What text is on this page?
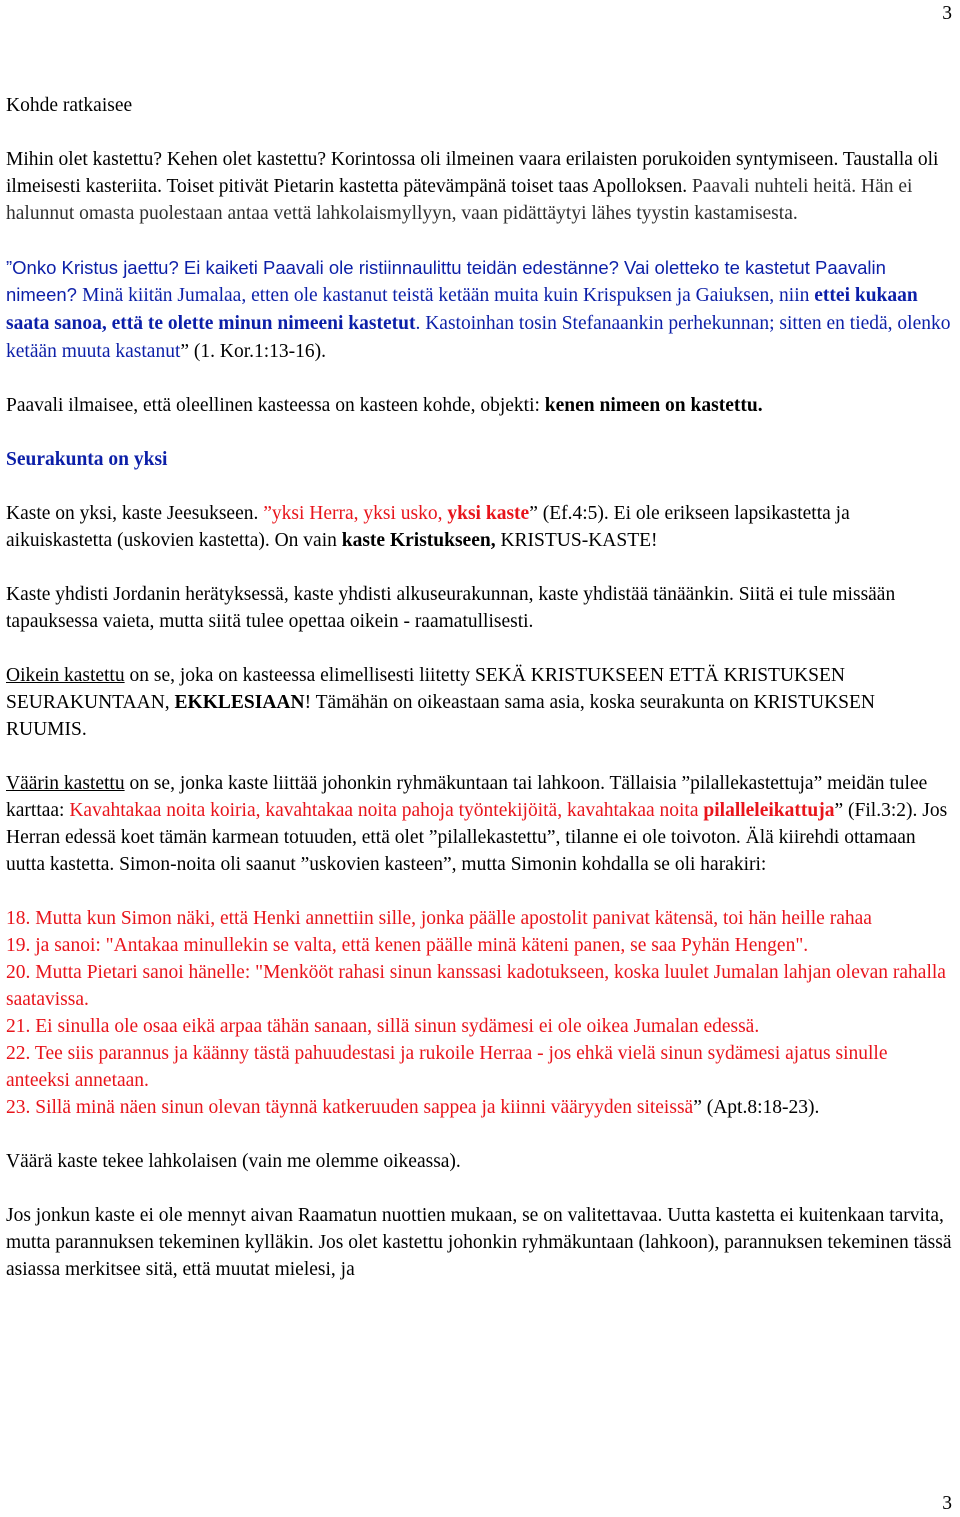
3

Kohde ratkaisee

Mihin olet kastettu? Kehen olet kastettu? Korintossa oli ilmeinen vaara erilaisten porukoiden syntymiseen. Taustalla oli ilmeisesti kasteriita. Toiset pitivät Pietarin kastetta pätevämpänä toiset taas Apolloksen. Paavali nuhteli heitä. Hän ei halunnut omasta puolestaan antaa vettä lahkolaismyllyyn, vaan pidättäytyi lähes tyystin kastamisesta.

”Onko Kristus jaettu? Ei kaiketi Paavali ole ristiinnaulittu teidän edestänne? Vai oletteko te kastetut Paavalin nimeen? Minä kiitän Jumalaa, etten ole kastanut teistä ketään muita kuin Krispuksen ja Gaiuksen, niin ettei kukaan saata sanoa, että te olette minun nimeeni kastetut. Kastoinhan tosin Stefanaankin perhekunnan; sitten en tiedä, olenko ketään muuta kastanut” (1. Kor.1:13-16).

Paavali ilmaisee, että oleellinen kasteessa on kasteen kohde, objekti: kenen nimeen on kastettu.

Seurakunta on yksi

Kaste on yksi, kaste Jeesukseen. ”yksi Herra, yksi usko, yksi kaste” (Ef.4:5). Ei ole erikseen lapsikastetta ja aikuiskastetta (uskovien kastetta). On vain kaste Kristukseen, KRISTUS-KASTE!

Kaste yhdisti Jordanin herätyksessä, kaste yhdisti alkuseurakunnan, kaste yhdistää tänäänkin. Siitä ei tule missään tapauksessa vaieta, mutta siitä tulee opettaa oikein - raamatullisesti.

Oikein kastettu on se, joka on kasteessa elimellisesti liitetty SEKÄ KRISTUKSEEN ETTÄ KRISTUKSEN SEURAKUNTAAN, EKKLESIAAN! Tämähän on oikeastaan sama asia, koska seurakunta on KRISTUKSEN RUUMIS.

Väärin kastettu on se, jonka kaste liittää johonkin ryhmäkuntaan tai lahkoon. Tällaisia ”pilallekastettuja” meidän tulee karttaa: Kavahtakaa noita koiria, kavahtakaa noita pahoja työntekijöitä, kavahtakaa noita pilalleleikattuja” (Fil.3:2). Jos Herran edessä koet tämän karmean totuuden, että olet ”pilallekastettu”, tilanne ei ole toivoton. Älä kiirehdi ottamaan uutta kastetta. Simon-noita oli saanut ”uskovien kasteen”, mutta Simonin kohdalla se oli harakiri:

18. Mutta kun Simon näki, että Henki annettiin sille, jonka päälle apostolit panivat kätensä, toi hän heille rahaa

19. ja sanoi: "Antakaa minullekin se valta, että kenen päälle minä käteni panen, se saa Pyhän Hengen".

20. Mutta Pietari sanoi hänelle: "Menkööt rahasi sinun kanssasi kadotukseen, koska luulet Jumalan lahjan olevan rahalla saatavissa.

21. Ei sinulla ole osaa eikä arpaa tähän sanaan, sillä sinun sydämesi ei ole oikea Jumalan edessä.

22. Tee siis parannus ja käänny tästä pahuudestasi ja rukoile Herraa - jos ehkä vielä sinun sydämesi ajatus sinulle anteeksi annetaan.

23. Sillä minä näen sinun olevan täynnä katkeruuden sappea ja kiinni vääryyden siteissä” (Apt.8:18-23).

Väärä kaste tekee lahkolaisen (vain me olemme oikeassa).

Jos jonkun kaste ei ole mennyt aivan Raamatun nuottien mukaan, se on valitettavaa. Uutta kastetta ei kuitenkaan tarvita, mutta parannuksen tekeminen kylläkin. Jos olet kastettu johonkin ryhmäkuntaan (lahkoon), parannuksen tekeminen tässä asiassa merkitsee sitä, että muutat mielesi, ja

3
